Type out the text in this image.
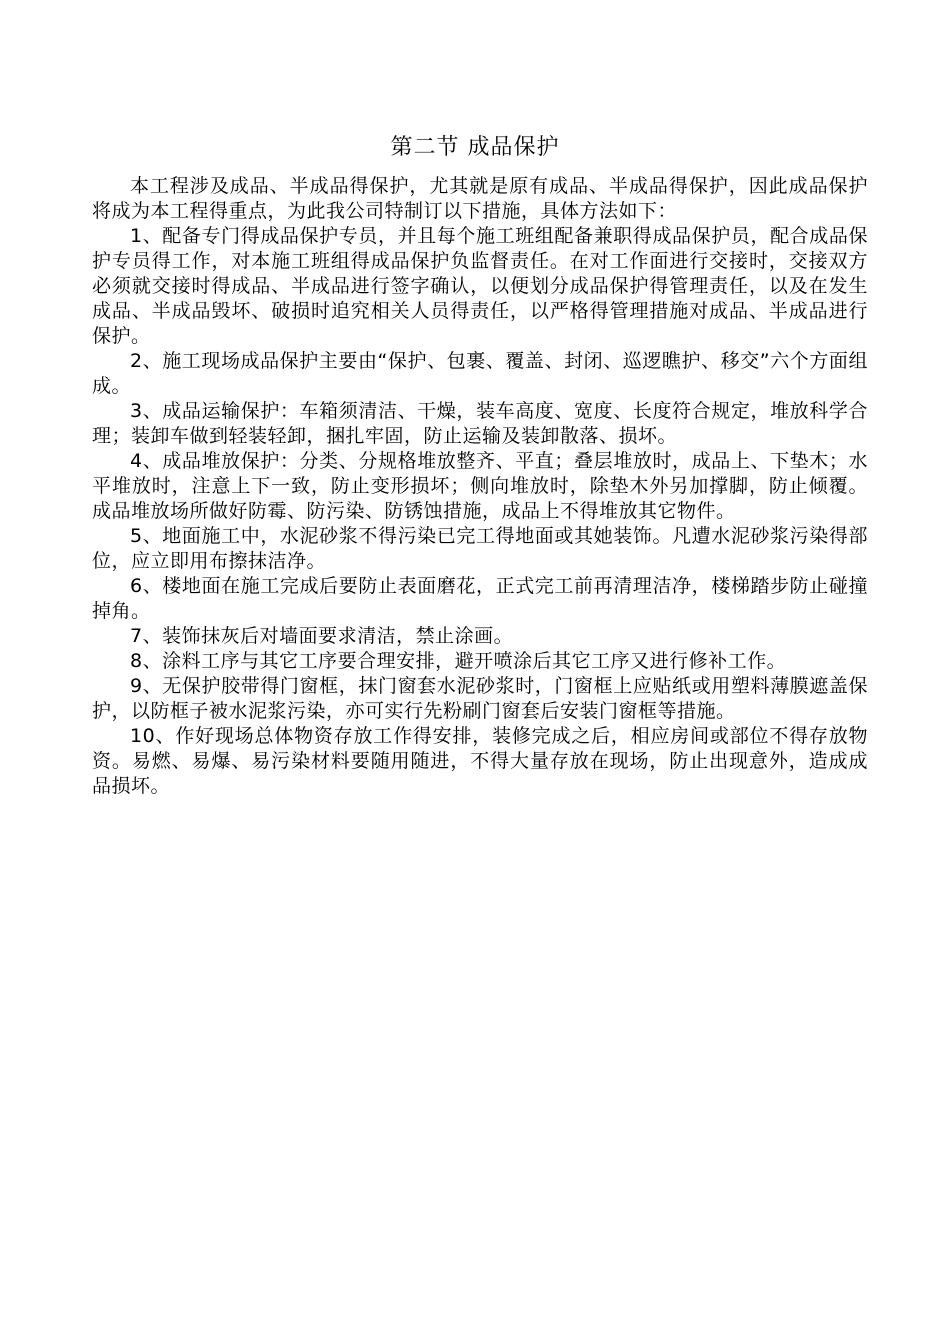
第二节 成品保护

本工程涉及成品、半成品得保护，尤其就是原有成品、半成品得保护，因此成品保护将成为本工程得重点，为此我公司特制订以下措施，具体方法如下：

1、配备专门得成品保护专员，并且每个施工班组配备兼职得成品保护员，配合成品保护专员得工作，对本施工班组得成品保护负监督责任。在对工作面进行交接时，交接双方必须就交接时得成品、半成品进行签字确认，以便划分成品保护得管理责任，以及在发生成品、半成品毁坏、破损时追究相关人员得责任，以严格得管理措施对成品、半成品进行保护。

2、施工现场成品保护主要由“保护、包裹、覆盖、封闭、巡逻瞧护、移交”六个方面组成。

3、成品运输保护：车箱须清洁、干燥，装车高度、宽度、长度符合规定，堆放科学合理；装卸车做到轻装轻卸，捆扎牢固，防止运输及装卸散落、损坏。

4、成品堆放保护：分类、分规格堆放整齐、平直；叠层堆放时，成品上、下垫木；水平堆放时，注意上下一致，防止变形损坏；侧向堆放时，除垫木外另加撑脚，防止倾覆。成品堆放场所做好防霉、防污染、防锈蚀措施，成品上不得堆放其它物件。

5、地面施工中，水泥砂浆不得污染已完工得地面或其她装饰。凡遭水泥砂浆污染得部位，应立即用布擦抹洁净。

6、楼地面在施工完成后要防止表面磨花，正式完工前再清理洁净，楼梯踏步防止碰撞掉角。

7、装饰抹灰后对墙面要求清洁，禁止涂画。

8、涂料工序与其它工序要合理安排，避开喷涂后其它工序又进行修补工作。

9、无保护胶带得门窗框，抹门窗套水泥砂浆时，门窗框上应贴纸或用塑料薄膜遮盖保护，以防框子被水泥浆污染，亦可实行先粉刷门窗套后安装门窗框等措施。

10、作好现场总体物资存放工作得安排，装修完成之后，相应房间或部位不得存放物资。易燃、易爆、易污染材料要随用随进，不得大量存放在现场，防止出现意外，造成成品损坏。
